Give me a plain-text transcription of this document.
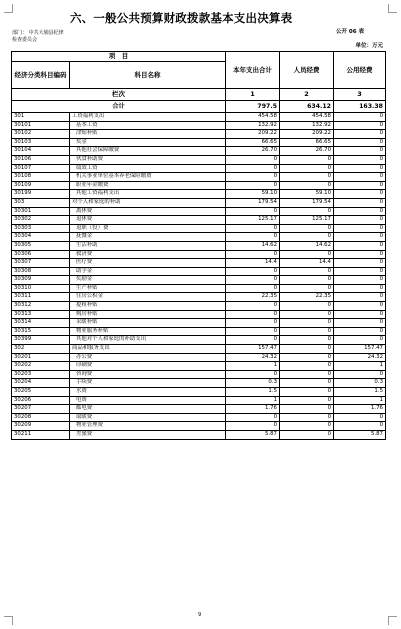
六、一般公共预算财政拨款基本支出决算表
公开 06 表
部门： 中共大埔县纪律
检查委员会
单位：万元
项　目		本年支出合计	人员经费	公用经费
经济分类科目编码	科目名称			
栏次		1	2	3
合计		797.5	634.12	163.38
301	工资福利支出	454.58	454.58	0
30101	基本工资	132.92	132.92	0
30102	津贴补贴	209.22	209.22	0
30103	奖金	66.65	66.65	0
30104	其他社会保障缴费	26.70	26.70	0
30106	伙食补助费	0	0	0
30107	绩效工资	0	0	0
30108	机关事业单位基本养老保险缴费	0	0	0
30109	职业年金缴费	0	0	0
30199	其他工资福利支出	59.10	59.10	0
303	对个人和家庭的补助	179.54	179.54	0
30301	离休费	0	0	0
30302	退休费	125.17	125.17	0
30303	退职（役）费	0	0	0
30304	抚恤金	0	0	0
30305	生活补助	14.62	14.62	0
30306	救济费	0	0	0
30307	医疗费	14.4	14.4	0
30308	助学金	0	0	0
30309	奖励金	0	0	0
30310	生产补贴	0	0	0
30311	住房公积金	22.35	22.35	0
30312	提租补贴	0	0	0
30313	购房补贴	0	0	0
30314	采暖补贴	0	0	0
30315	物业服务补贴	0	0	0
30399	其他对个人和家庭的补助支出	0	0	0
302	商品和服务支出	157.47	0	157.47
30201	办公费	24.32	0	24.32
30202	印刷费	1	0	1
30203	咨询费	0	0	0
30204	手续费	0.3	0	0.3
30205	水费	1.5	0	1.5
30206	电费	1	0	1
30207	邮电费	1.76	0	1.76
30208	取暖费	0	0	0
30209	物业管理费	0	0	0
30211	差旅费	5.87	0	5.87
9
